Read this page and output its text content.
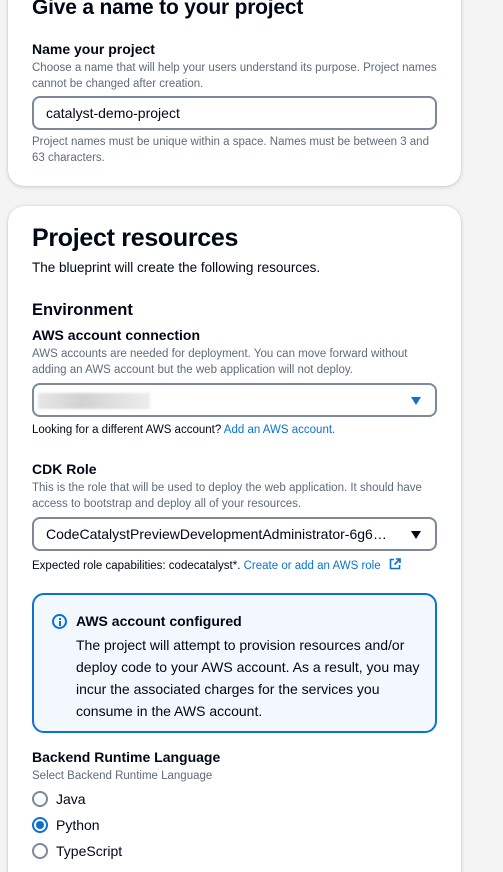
Give a name to your project
Name your project
Choose a name that will help your users understand its purpose. Project names cannot be changed after creation.
catalyst-demo-project
Project names must be unique within a space. Names must be between 3 and 63 characters.
Project resources
The blueprint will create the following resources.
Environment
AWS account connection
AWS accounts are needed for deployment. You can move forward without adding an AWS account but the web application will not deploy.
Looking for a different AWS account? Add an AWS account.
CDK Role
This is the role that will be used to deploy the web application. It should have access to bootstrap and deploy all of your resources.
CodeCatalystPreviewDevelopmentAdministrator-6g6…
Expected role capabilities: codecatalyst*. Create or add an AWS role
AWS account configured
The project will attempt to provision resources and/or deploy code to your AWS account. As a result, you may incur the associated charges for the services you consume in the AWS account.
Backend Runtime Language
Select Backend Runtime Language
Java
Python
TypeScript
